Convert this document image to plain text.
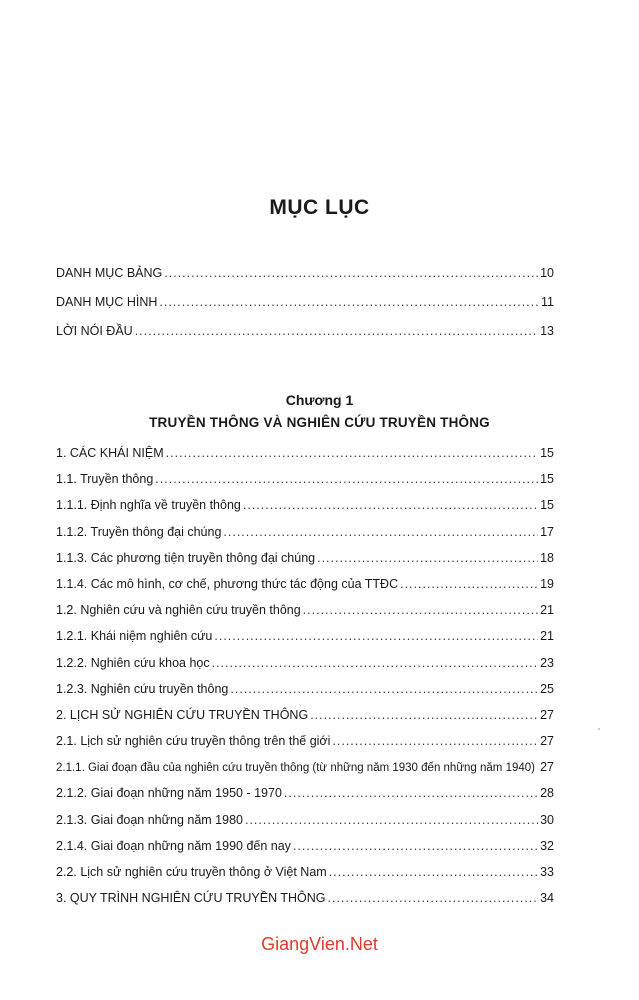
MỤC LỤC
DANH MỤC BẢNG .....	10
DANH MỤC HÌNH .....	11
LỜI NÓI ĐẦU .....	13
Chương 1
TRUYỀN THÔNG VÀ NGHIÊN CỨU TRUYỀN THÔNG
1. CÁC KHÁI NIỆM .....	15
1.1. Truyền thông .....	15
1.1.1. Định nghĩa về truyền thông .....	15
1.1.2. Truyền thông đại chúng .....	17
1.1.3. Các phương tiện truyền thông đại chúng .....	18
1.1.4. Các mô hình, cơ chế, phương thức tác động của TTĐC .....	19
1.2. Nghiên cứu và nghiên cứu truyền thông .....	21
1.2.1. Khái niệm nghiên cứu .....	21
1.2.2. Nghiên cứu khoa học .....	23
1.2.3. Nghiên cứu truyền thông .....	25
2. LỊCH SỬ NGHIÊN CỨU TRUYỀN THÔNG .....	27
2.1. Lịch sử nghiên cứu truyền thông trên thế giới .....	27
2.1.1. Giai đoạn đầu của nghiên cứu truyền thông (từ những năm 1930 đến những năm 1940) ..... 27
2.1.2. Giai đoạn những năm 1950 - 1970 .....	28
2.1.3. Giai đoạn những năm 1980 .....	30
2.1.4. Giai đoạn những năm 1990 đến nay .....	32
2.2. Lịch sử nghiên cứu truyền thông ở Việt Nam .....	33
3. QUY TRÌNH NGHIÊN CỨU TRUYỀN THÔNG .....	34
GiangVien.Net
